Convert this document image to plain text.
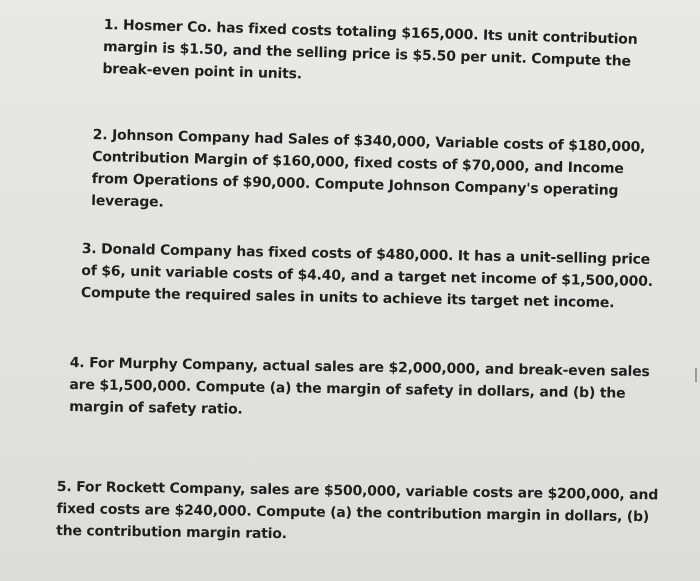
1. Hosmer Co. has fixed costs totaling $165,000. Its unit contribution margin is $1.50, and the selling price is $5.50 per unit. Compute the break-even point in units.

2. Johnson Company had Sales of $340,000, Variable costs of $180,000, Contribution Margin of $160,000, fixed costs of $70,000, and Income from Operations of $90,000. Compute Johnson Company's operating leverage.

3. Donald Company has fixed costs of $480,000. It has a unit-selling price of $6, unit variable costs of $4.40, and a target net income of $1,500,000. Compute the required sales in units to achieve its target net income.

4. For Murphy Company, actual sales are $2,000,000, and break-even sales are $1,500,000. Compute (a) the margin of safety in dollars, and (b) the margin of safety ratio.

5. For Rockett Company, sales are $500,000, variable costs are $200,000, and fixed costs are $240,000. Compute (a) the contribution margin in dollars, (b) the contribution margin ratio.
